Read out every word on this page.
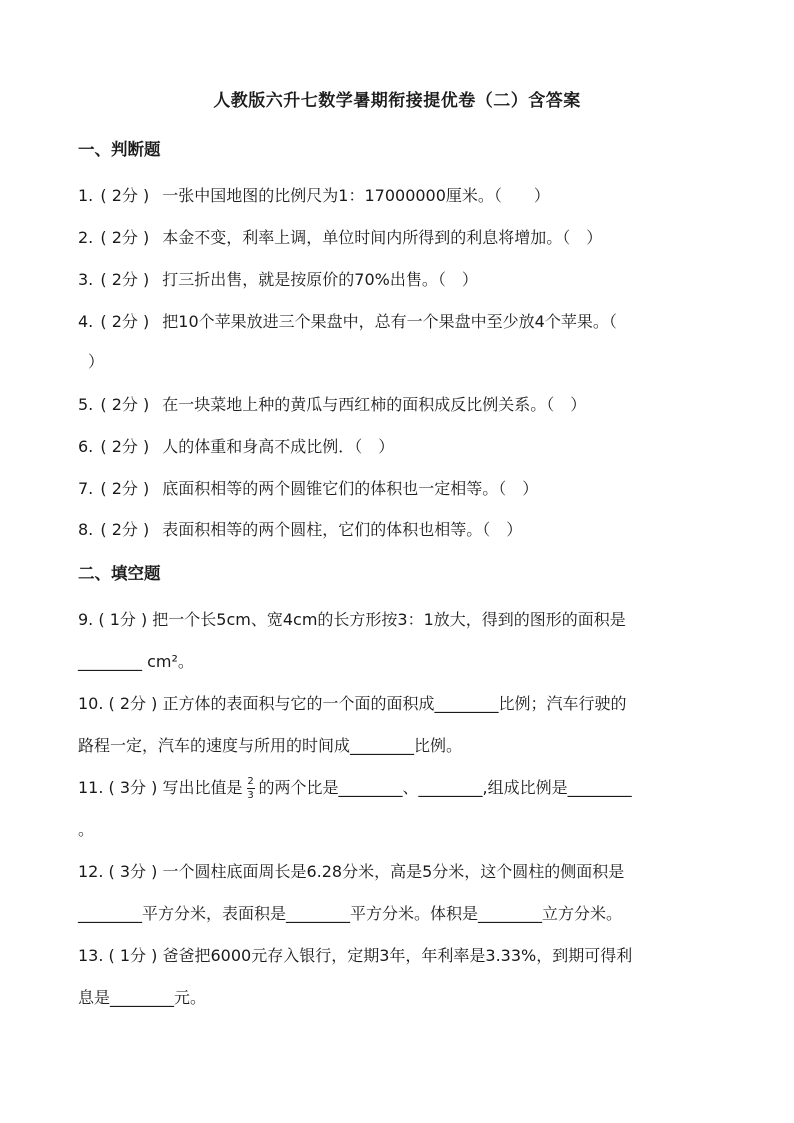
人教版六升七数学暑期衔接提优卷（二）含答案
一、判断题
1. ( 2分 ) 一张中国地图的比例尺为1：17000000厘米。（　　）
2. ( 2分 ) 本金不变，利率上调，单位时间内所得到的利息将增加。（　）
3. ( 2分 ) 打三折出售，就是按原价的70%出售。（　）
4. ( 2分 ) 把10个苹果放进三个果盘中，总有一个果盘中至少放4个苹果。（
）
5. ( 2分 ) 在一块菜地上种的黄瓜与西红柿的面积成反比例关系。（　）
6. ( 2分 ) 人的体重和身高不成比例．（　）
7. ( 2分 ) 底面积相等的两个圆锥它们的体积也一定相等。（　）
8. ( 2分 ) 表面积相等的两个圆柱，它们的体积也相等。（　）
二、填空题
9. ( 1分 ) 把一个长5cm、宽4cm的长方形按3：1放大，得到的图形的面积是
________ cm²。
10. ( 2分 ) 正方体的表面积与它的一个面的面积成________比例；汽车行驶的
路程一定，汽车的速度与所用的时间成________比例。
11. ( 3分 ) 写出比值是 $\frac{2}{3}$ 的两个比是________、________,组成比例是________
。
12. ( 3分 ) 一个圆柱底面周长是6.28分米，高是5分米，这个圆柱的侧面积是
________平方分米，表面积是________平方分米。体积是________立方分米。
13. ( 1分 ) 爸爸把6000元存入银行，定期3年，年利率是3.33%，到期可得利
息是________元。
